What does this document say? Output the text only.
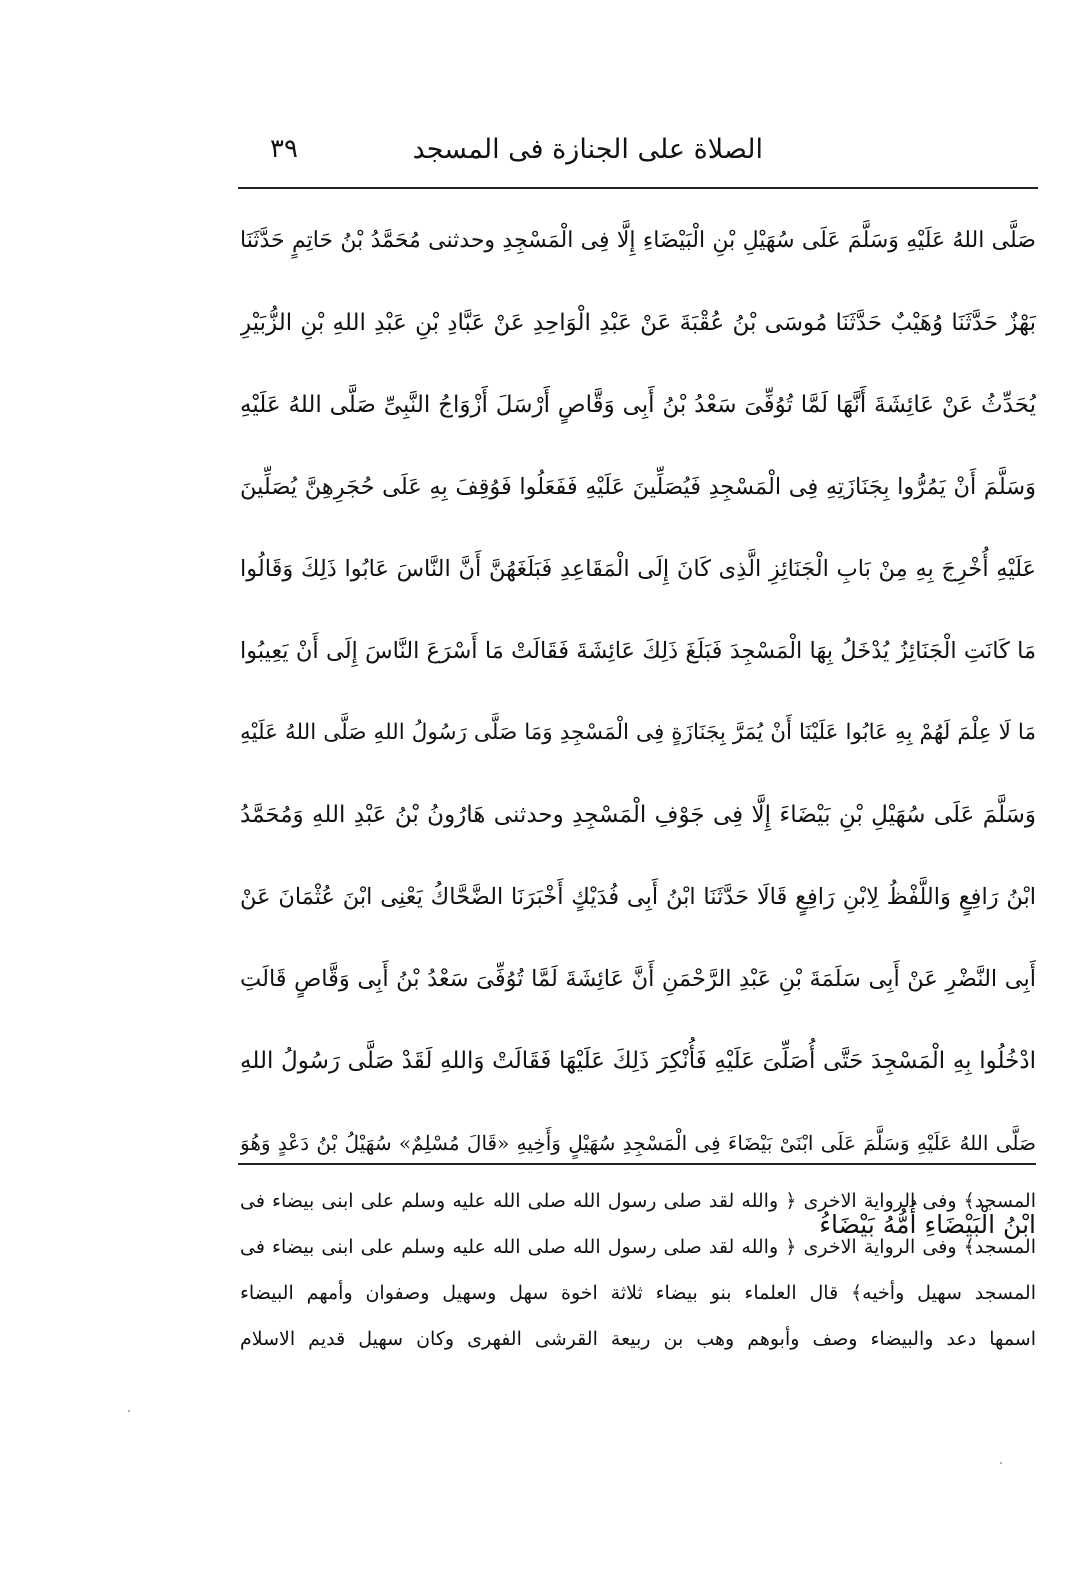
الصلاة على الجنازة فى المسجد
٣٩
صَلَّى اللهُ عَلَيْهِ وَسَلَّمَ عَلَى سُهَيْلِ بْنِ الْبَيْضَاءِ إِلَّا فِى الْمَسْجِدِ وحدثنى مُحَمَّدُ بْنُ حَاتِمٍ حَدَّثَنَا
بَهْزٌ حَدَّثَنَا وُهَيْبٌ حَدَّثَنَا مُوسَى بْنُ عُقْبَةَ عَنْ عَبْدِ الْوَاحِدِ عَنْ عَبَّادِ بْنِ عَبْدِ اللهِ بْنِ الزُّبَيْرِ
يُحَدِّثُ عَنْ عَائِشَةَ أَنَّهَا لَمَّا تُوُفِّىَ سَعْدُ بْنُ أَبِى وَقَّاصٍ أَرْسَلَ أَزْوَاجُ النَّبِىِّ صَلَّى اللهُ عَلَيْهِ
وَسَلَّمَ أَنْ يَمُرُّوا بِجَنَازَتِهِ فِى الْمَسْجِدِ فَيُصَلِّينَ عَلَيْهِ فَفَعَلُوا فَوُقِفَ بِهِ عَلَى حُجَرِهِنَّ يُصَلِّينَ
عَلَيْهِ أُخْرِجَ بِهِ مِنْ بَابِ الْجَنَائِزِ الَّذِى كَانَ إِلَى الْمَقَاعِدِ فَبَلَغَهُنَّ أَنَّ النَّاسَ عَابُوا ذَلِكَ وَقَالُوا
مَا كَانَتِ الْجَنَائِزُ يُدْخَلُ بِهَا الْمَسْجِدَ فَبَلَغَ ذَلِكَ عَائِشَةَ فَقَالَتْ مَا أَسْرَعَ النَّاسَ إِلَى أَنْ يَعِيبُوا
مَا لَا عِلْمَ لَهُمْ بِهِ عَابُوا عَلَيْنَا أَنْ يُمَرَّ بِجَنَازَةٍ فِى الْمَسْجِدِ وَمَا صَلَّى رَسُولُ اللهِ صَلَّى اللهُ عَلَيْهِ
وَسَلَّمَ عَلَى سُهَيْلِ بْنِ بَيْضَاءَ إِلَّا فِى جَوْفِ الْمَسْجِدِ وحدثنى هَارُونُ بْنُ عَبْدِ اللهِ وَمُحَمَّدُ
ابْنُ رَافِعٍ وَاللَّفْظُ لِابْنِ رَافِعٍ قَالَا حَدَّثَنَا ابْنُ أَبِى فُدَيْكٍ أَخْبَرَنَا الضَّحَّاكُ يَعْنِى ابْنَ عُثْمَانَ عَنْ
أَبِى النَّضْرِ عَنْ أَبِى سَلَمَةَ بْنِ عَبْدِ الرَّحْمَنِ أَنَّ عَائِشَةَ لَمَّا تُوُفِّىَ سَعْدُ بْنُ أَبِى وَقَّاصٍ قَالَتِ
ادْخُلُوا بِهِ الْمَسْجِدَ حَتَّى أُصَلِّىَ عَلَيْهِ فَأُنْكِرَ ذَلِكَ عَلَيْهَا فَقَالَتْ وَاللهِ لَقَدْ صَلَّى رَسُولُ اللهِ
صَلَّى اللهُ عَلَيْهِ وَسَلَّمَ عَلَى ابْنَىْ بَيْضَاءَ فِى الْمَسْجِدِ سُهَيْلٍ وَأَخِيهِ «قَالَ مُسْلِمٌ» سُهَيْلُ بْنُ دَعْدٍ وَهُوَ
ابْنُ الْبَيْضَاءِ أُمُّهُ بَيْضَاءُ
المسجد﴾ وفى الرواية الاخرى ﴿ والله لقد صلى رسول الله صلى الله عليه وسلم على ابنى بيضاء فى
المسجد﴾ وفى الرواية الاخرى ﴿ والله لقد صلى رسول الله صلى الله عليه وسلم على ابنى بيضاء فى
المسجد سهيل وأخيه﴾ قال العلماء بنو بيضاء ثلاثة اخوة سهل وسهيل وصفوان وأمهم البيضاء
اسمها دعد والبيضاء وصف وأبوهم وهب بن ربيعة القرشى الفهرى وكان سهيل قديم الاسلام
